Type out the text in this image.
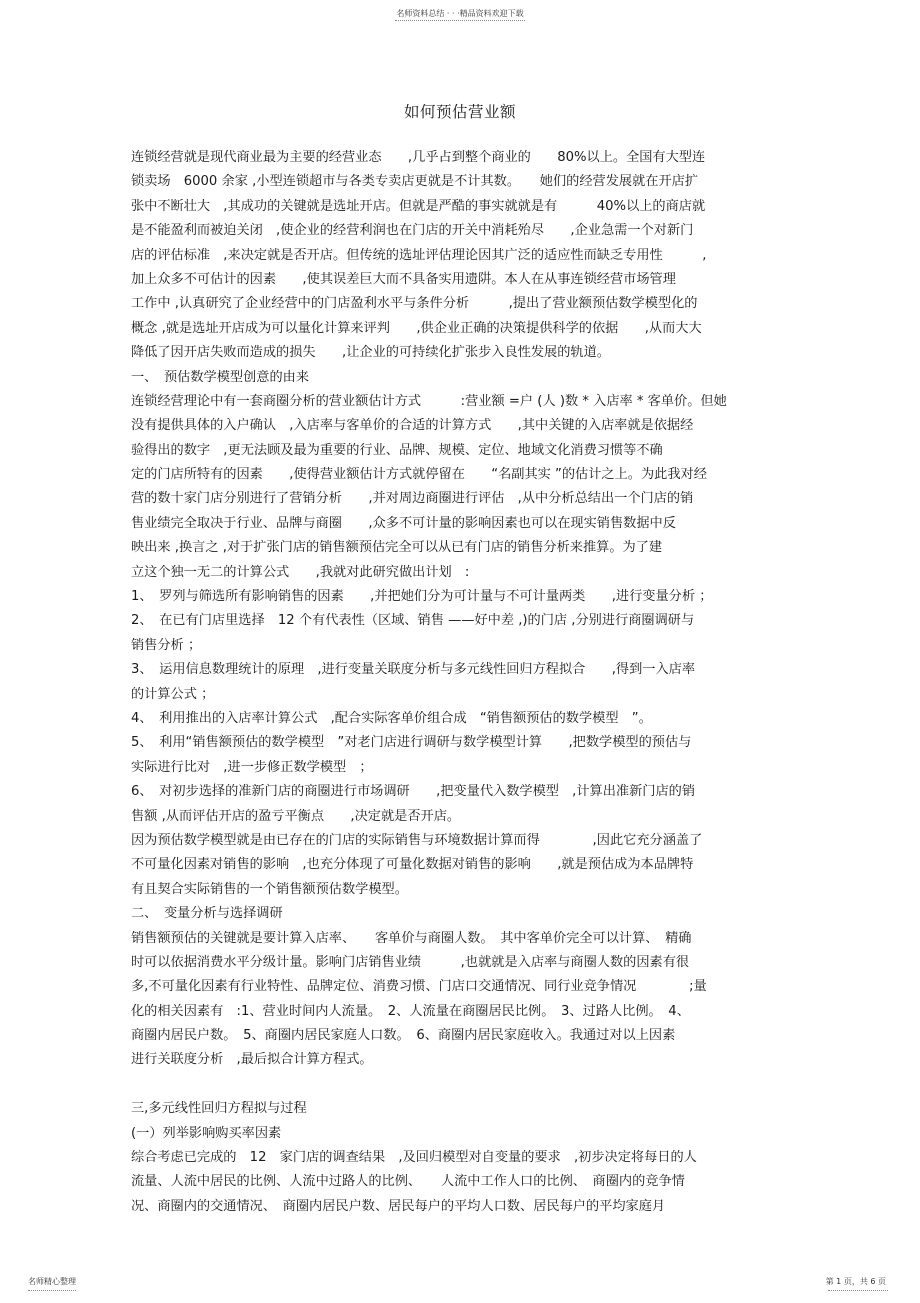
名师资料总结 · · ·精品资料欢迎下载
如何预估营业额
连锁经营就是现代商业最为主要的经营业态　　,几乎占到整个商业的　　80%以上。全国有大型连
锁卖场　6000 余家 ,小型连锁超市与各类专卖店更就是不计其数。　　她们的经营发展就在开店扩
张中不断壮大　,其成功的关键就是选址开店。但就是严酷的事实就就是有　　　40%以上的商店就
是不能盈利而被迫关闭　,使企业的经营利润也在门店的开关中消耗殆尽　　,企业急需一个对新门
店的评估标准　,来决定就是否开店。但传统的选址评估理论因其广泛的适应性而缺乏专用性　　　,
加上众多不可估计的因素　　,使其误差巨大而不具备实用遗阱。本人在从事连锁经营市场管理
工作中 ,认真研究了企业经营中的门店盈利水平与条件分析　　　,提出了营业额预估数学模型化的
概念 ,就是选址开店成为可以量化计算来评判　　,供企业正确的决策提供科学的依据　　,从而大大
降低了因开店失败而造成的损失　　,让企业的可持续化扩张步入良性发展的轨道。
一、　预估数学模型创意的由来
连锁经营理论中有一套商圈分析的营业额估计方式　　　:营业额 =户 (人 )数 * 入店率 * 客单价。但她
没有提供具体的入户确认　,入店率与客单价的合适的计算方式　　,其中关键的入店率就是依据经
验得出的数字　,更无法顾及最为重要的行业、品牌、规模、定位、地域文化消费习惯等不确
定的门店所特有的因素　　,使得营业额估计方式就停留在　　“名副其实 ”的估计之上。为此我对经
营的数十家门店分别进行了营销分析　　,并对周边商圈进行评估　,从中分析总结出一个门店的销
售业绩完全取决于行业、品牌与商圈　　,众多不可计量的影响因素也可以在现实销售数据中反
映出来 ,换言之 ,对于扩张门店的销售额预估完全可以从已有门店的销售分析来推算。为了建
立这个独一无二的计算公式　　,我就对此研究做出计划　:
1、　罗列与筛选所有影响销售的因素　　,并把她们分为可计量与不可计量两类　　,进行变量分析 ；
2、　在已有门店里选择　12 个有代表性（区域、销售 ——好中差 ,)的门店 ,分别进行商圈调研与
销售分析 ；
3、　运用信息数理统计的原理　,进行变量关联度分析与多元线性回归方程拟合　　,得到一入店率
的计算公式 ；
4、　利用推出的入店率计算公式　,配合实际客单价组合成　“销售额预估的数学模型　”。
5、　利用“销售额预估的数学模型　”对老门店进行调研与数学模型计算　　,把数学模型的预估与
实际进行比对　,进一步修正数学模型　；
6、　对初步选择的准新门店的商圈进行市场调研　　,把变量代入数学模型　,计算出准新门店的销
售额 ,从而评估开店的盈亏平衡点　　,决定就是否开店。
因为预估数学模型就是由已存在的门店的实际销售与环境数据计算而得　　　　,因此它充分涵盖了
不可量化因素对销售的影响　,也充分体现了可量化数据对销售的影响　　,就是预估成为本品牌特
有且契合实际销售的一个销售额预估数学模型。
二、　变量分析与选择调研
销售额预估的关键就是要计算入店率、　　客单价与商圈人数。　其中客单价完全可以计算、　精确
时可以依据消费水平分级计量。影响门店销售业绩　　　,也就就是入店率与商圈人数的因素有很
多,不可量化因素有行业特性、品牌定位、消费习惯、门店口交通情况、同行业竞争情况　　　　;量
化的相关因素有　:1、营业时间内人流量。　2、人流量在商圈居民比例。　3、过路人比例。　4、
商圈内居民户数。　5、商圈内居民家庭人口数。　6、商圈内居民家庭收入。我通过对以上因素
进行关联度分析　,最后拟合计算方程式。
三,多元线性回归方程拟与过程
(一）列举影响购买率因素
综合考虑已完成的　12　家门店的调查结果　,及回归模型对自变量的要求　,初步决定将每日的人
流量、人流中居民的比例、人流中过路人的比例、　　人流中工作人口的比例、　商圈内的竞争情
况、商圈内的交通情况、　商圈内居民户数、居民每户的平均人口数、居民每户的平均家庭月
名师精心整理	第 1 页，共 6 页
